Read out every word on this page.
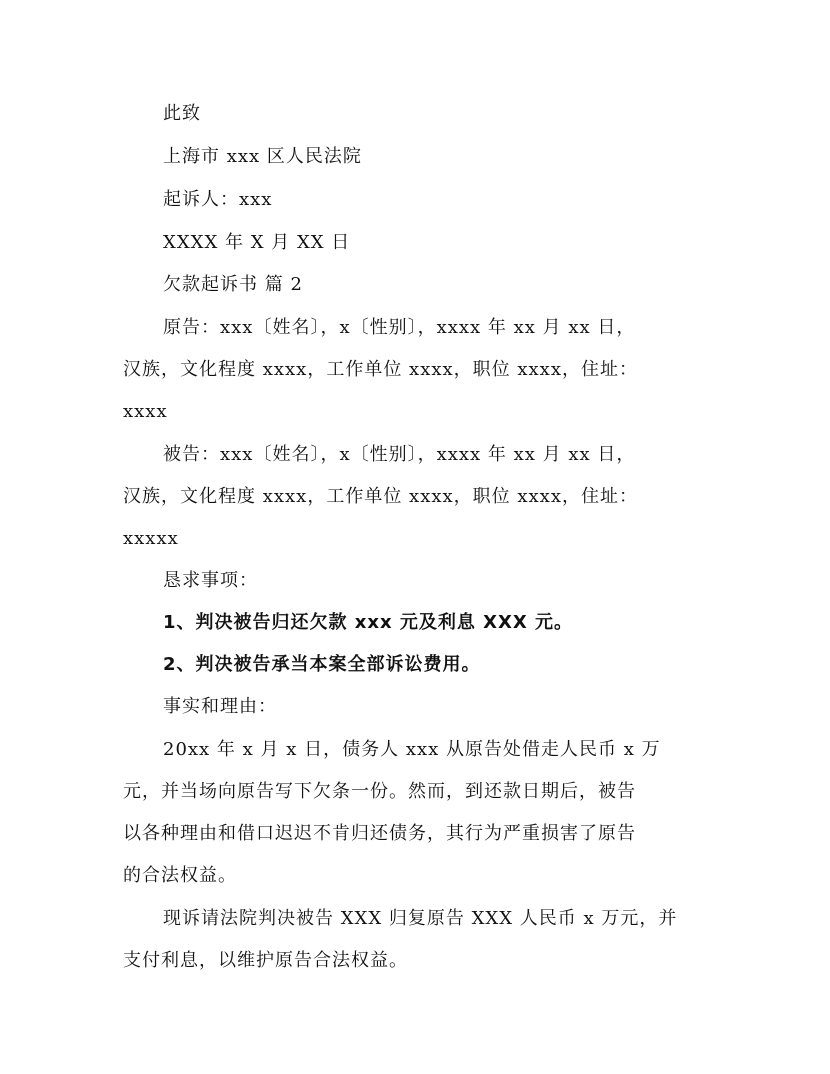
此致
上海市 xxx 区人民法院
起诉人：xxx
XXXX 年 X 月 XX 日
欠款起诉书 篇 2
原告：xxx〔姓名〕，x〔性别〕，xxxx 年 xx 月 xx 日，
汉族，文化程度 xxxx，工作单位 xxxx，职位 xxxx，住址：
xxxx
被告：xxx〔姓名〕，x〔性别〕，xxxx 年 xx 月 xx 日，
汉族，文化程度 xxxx，工作单位 xxxx，职位 xxxx，住址：
xxxxx
恳求事项：
1、判决被告归还欠款 xxx 元及利息 XXX 元。
2、判决被告承当本案全部诉讼费用。
事实和理由：
20xx 年 x 月 x 日，债务人 xxx 从原告处借走人民币 x 万
元，并当场向原告写下欠条一份。然而，到还款日期后，被告
以各种理由和借口迟迟不肯归还债务，其行为严重损害了原告
的合法权益。
现诉请法院判决被告 XXX 归复原告 XXX 人民币 x 万元，并
支付利息，以维护原告合法权益。
